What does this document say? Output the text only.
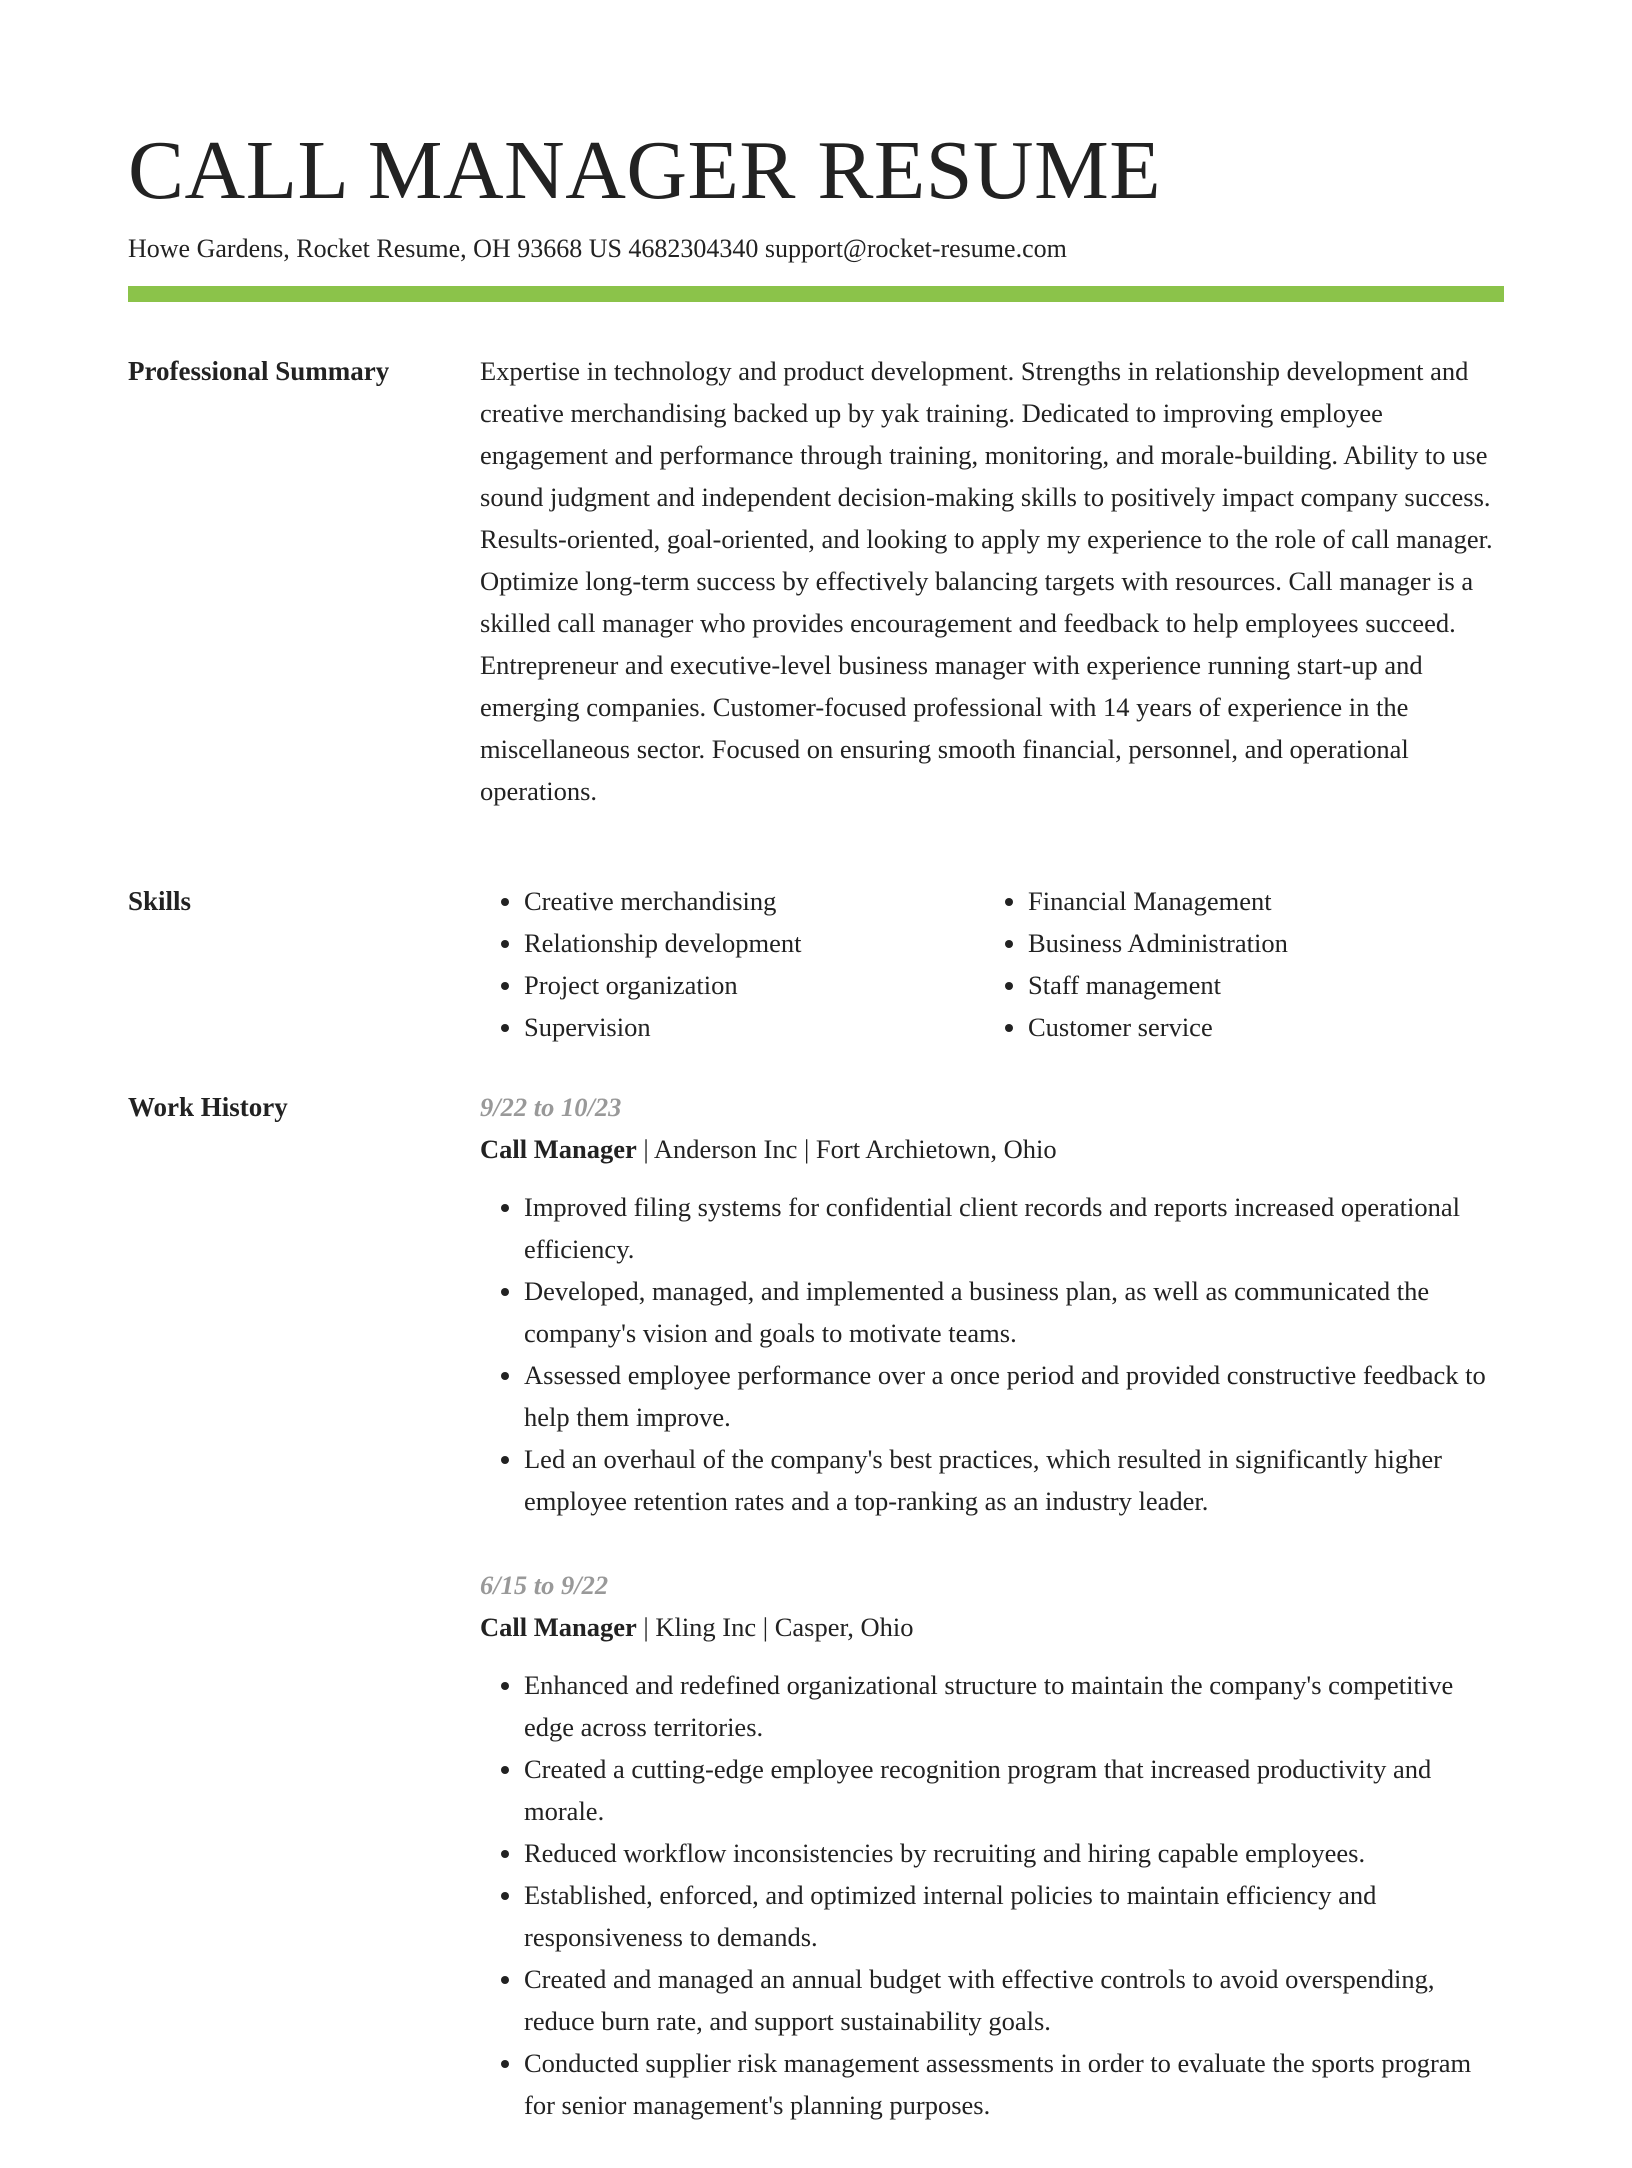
CALL MANAGER RESUME
Howe Gardens, Rocket Resume, OH 93668 US 4682304340 support@rocket-resume.com
Professional Summary	Expertise in technology and product development. Strengths in relationship development and creative merchandising backed up by yak training. Dedicated to improving employee engagement and performance through training, monitoring, and morale-building. Ability to use sound judgment and independent decision-making skills to positively impact company success. Results-oriented, goal-oriented, and looking to apply my experience to the role of call manager. Optimize long-term success by effectively balancing targets with resources. Call manager is a skilled call manager who provides encouragement and feedback to help employees succeed. Entrepreneur and executive-level business manager with experience running start-up and emerging companies. Customer-focused professional with 14 years of experience in the miscellaneous sector. Focused on ensuring smooth financial, personnel, and operational operations.

Skills
•	Creative merchandising
• Relationship development
• Project organization
• Supervision
• Financial Management
• Business Administration
• Staff management
• Customer service
Work History	9/22 to 10/23
Call Manager | Anderson Inc | Fort Archietown, Ohio
• Improved filing systems for confidential client records and reports increased operational efficiency.
• Developed, managed, and implemented a business plan, as well as communicated the company's vision and goals to motivate teams.
• Assessed employee performance over a once period and provided constructive feedback to help them improve.
• Led an overhaul of the company's best practices, which resulted in significantly higher employee retention rates and a top-ranking as an industry leader.
6/15 to 9/22
Call Manager | Kling Inc | Casper, Ohio
• Enhanced and redefined organizational structure to maintain the company's competitive edge across territories.
• Created a cutting-edge employee recognition program that increased productivity and morale.
• Reduced workflow inconsistencies by recruiting and hiring capable employees.
• Established, enforced, and optimized internal policies to maintain efficiency and responsiveness to demands.
• Created and managed an annual budget with effective controls to avoid overspending, reduce burn rate, and support sustainability goals.
• Conducted supplier risk management assessments in order to evaluate the sports program for senior management's planning purposes.
